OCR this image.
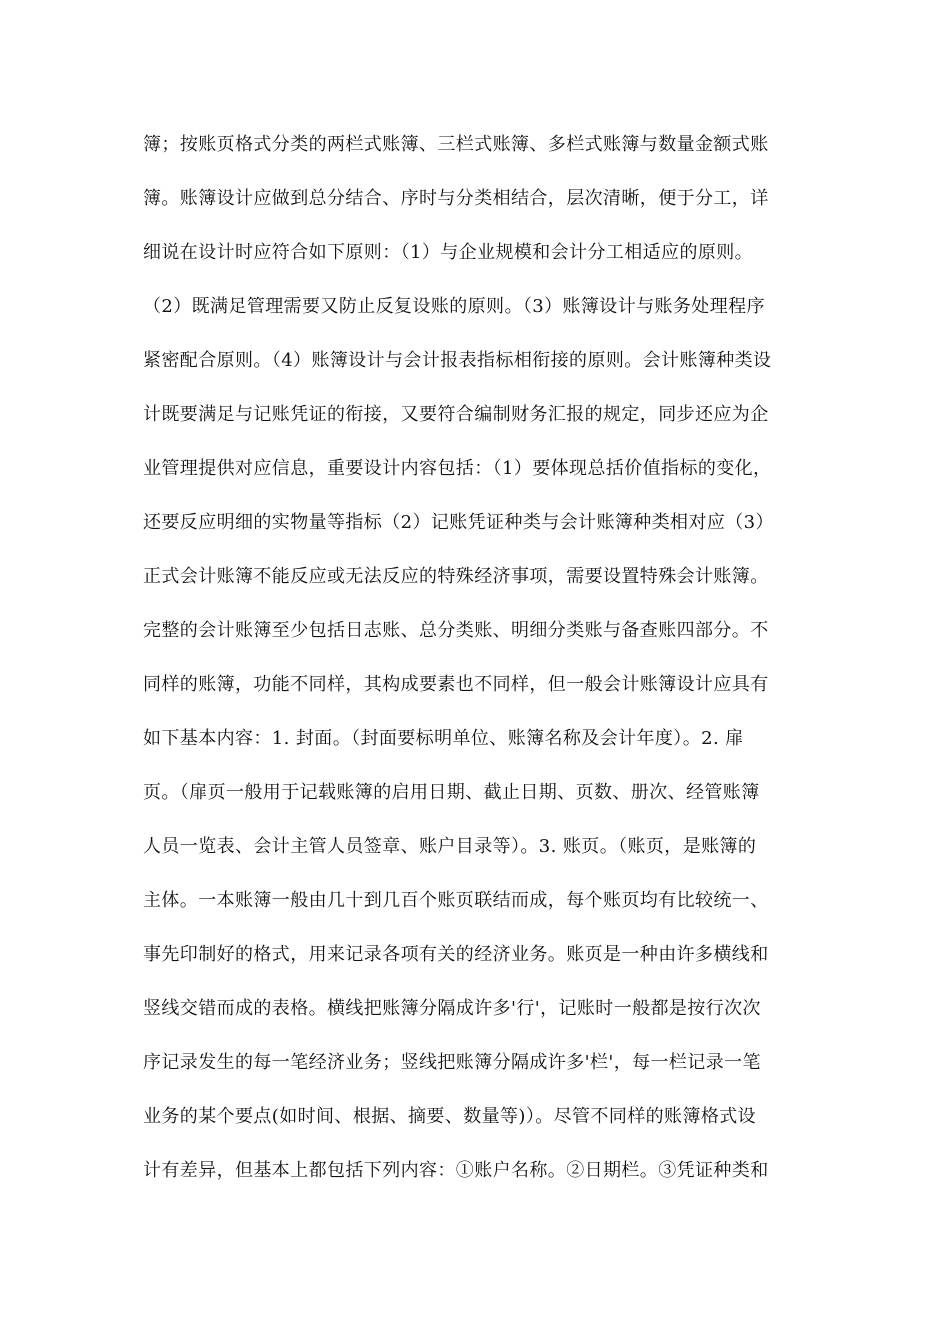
簿；按账页格式分类的两栏式账簿、三栏式账簿、多栏式账簿与数量金额式账
簿。账簿设计应做到总分结合、序时与分类相结合，层次清晰，便于分工，详
细说在设计时应符合如下原则：（1）与企业规模和会计分工相适应的原则。
（2）既满足管理需要又防止反复设账的原则。（3）账簿设计与账务处理程序
紧密配合原则。（4）账簿设计与会计报表指标相衔接的原则。会计账簿种类设
计既要满足与记账凭证的衔接，又要符合编制财务汇报的规定，同步还应为企
业管理提供对应信息，重要设计内容包括：（1）要体现总括价值指标的变化，
还要反应明细的实物量等指标（2）记账凭证种类与会计账簿种类相对应（3）
正式会计账簿不能反应或无法反应的特殊经济事项，需要设置特殊会计账簿。
完整的会计账簿至少包括日志账、总分类账、明细分类账与备查账四部分。不
同样的账簿，功能不同样，其构成要素也不同样，但一般会计账簿设计应具有
如下基本内容：1. 封面。（封面要标明单位、账簿名称及会计年度）。2. 扉
页。（扉页一般用于记载账簿的启用日期、截止日期、页数、册次、经管账簿
人员一览表、会计主管人员签章、账户目录等）。3. 账页。（账页，是账簿的
主体。一本账簿一般由几十到几百个账页联结而成，每个账页均有比较统一、
事先印制好的格式，用来记录各项有关的经济业务。账页是一种由许多横线和
竖线交错而成的表格。横线把账簿分隔成许多'行'，记账时一般都是按行次次
序记录发生的每一笔经济业务；竖线把账簿分隔成许多'栏'，每一栏记录一笔
业务的某个要点(如时间、根据、摘要、数量等)）。尽管不同样的账簿格式设
计有差异，但基本上都包括下列内容：①账户名称。②日期栏。③凭证种类和
